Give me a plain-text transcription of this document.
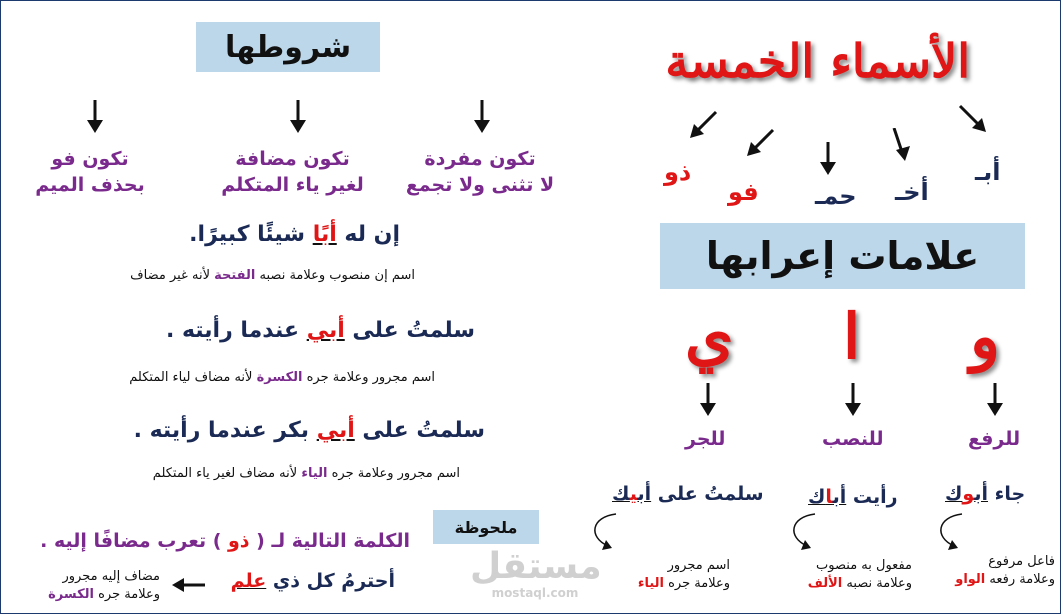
شروطها
تكون مفردة
لا تثنى ولا تجمع
تكون مضافة
لغير ياء المتكلم
تكون فو
بحذف الميم
إن له أبًا شيئًا كبيرًا.
اسم إن منصوب وعلامة نصبه الفتحة لأنه غير مضاف
سلمتُ على أبي عندما رأيته .
اسم مجرور وعلامة جره الكسرة لأنه مضاف لياء المتكلم
سلمتُ على أبي بكر عندما رأيته .
اسم مجرور وعلامة جره الياء لأنه مضاف لغير ياء المتكلم
ملحوظة
الكلمة التالية لـ ( ذو ) تعرب مضافًا إليه .
أحترمُ كل ذي علم
مضاف إليه مجرور
وعلامة جره الكسرة
الأسماء الخمسة
أبـ
أخـ
حمـ
فو
ذو
علامات إعرابها
و
ا
ي
للرفع
للنصب
للجر
جاء أبوك
رأيت أباك
سلمتُ على أبيك
فاعل مرفوع
وعلامة رفعه الواو
مفعول به منصوب
وعلامة نصبه الألف
اسم مجرور
وعلامة جره الياء
مستقل
mostaql.com
